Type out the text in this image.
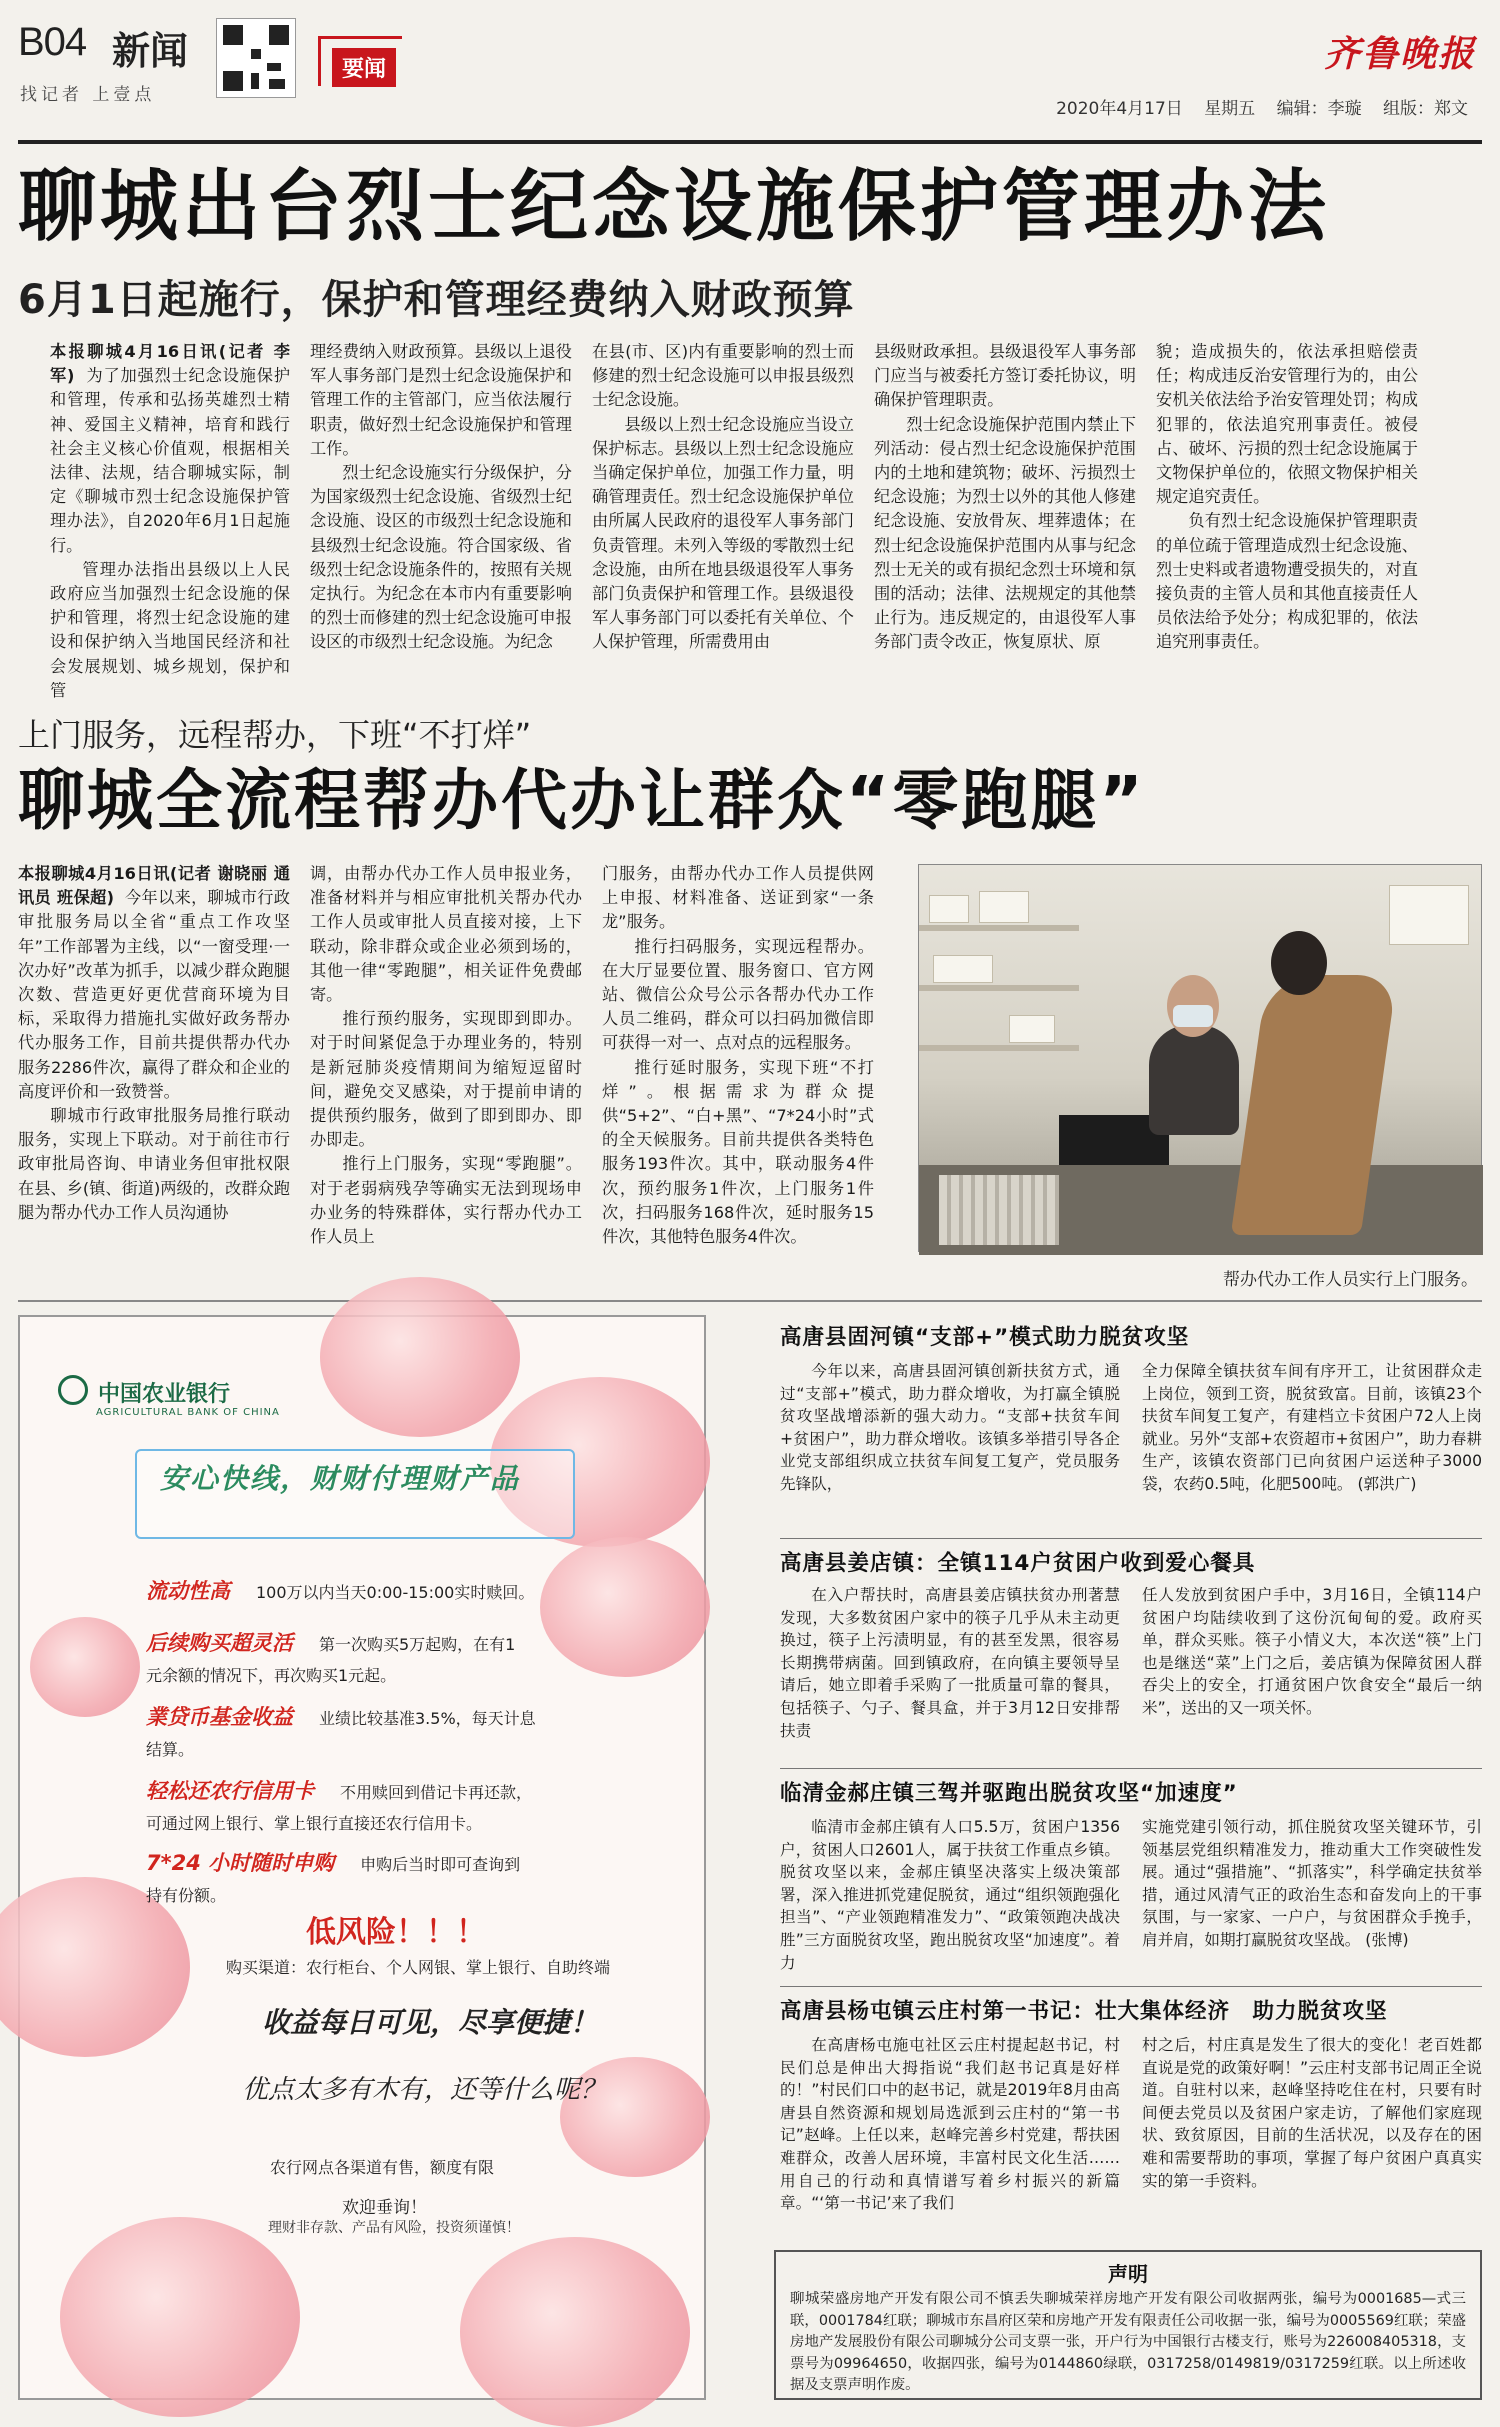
B04 新闻
找记者 上壹点
要闻	齐鲁晚报
2020年4月17日 星期五 编辑：李璇 组版：郑文
聊城出台烈士纪念设施保护管理办法
6月1日起施行，保护和管理经费纳入财政预算

本报聊城4月16日讯(记者 李军) 为了加强烈士纪念设施保护和管理，传承和弘扬英雄烈士精神、爱国主义精神，培育和践行社会主义核心价值观，根据相关法律、法规，结合聊城实际，制定《聊城市烈士纪念设施保护管理办法》，自2020年6月1日起施行。

管理办法指出县级以上人民政府应当加强烈士纪念设施的保护和管理，将烈士纪念设施的建设和保护纳入当地国民经济和社会发展规划、城乡规划，保护和管

理经费纳入财政预算。县级以上退役军人事务部门是烈士纪念设施保护和管理工作的主管部门，应当依法履行职责，做好烈士纪念设施保护和管理工作。

烈士纪念设施实行分级保护，分为国家级烈士纪念设施、省级烈士纪念设施、设区的市级烈士纪念设施和县级烈士纪念设施。符合国家级、省级烈士纪念设施条件的，按照有关规定执行。为纪念在本市内有重要影响的烈士而修建的烈士纪念设施可申报设区的市级烈士纪念设施。为纪念

在县(市、区)内有重要影响的烈士而修建的烈士纪念设施可以申报县级烈士纪念设施。

县级以上烈士纪念设施应当设立保护标志。县级以上烈士纪念设施应当确定保护单位，加强工作力量，明确管理责任。烈士纪念设施保护单位由所属人民政府的退役军人事务部门负责管理。未列入等级的零散烈士纪念设施，由所在地县级退役军人事务部门负责保护和管理工作。县级退役军人事务部门可以委托有关单位、个人保护管理，所需费用由

县级财政承担。县级退役军人事务部门应当与被委托方签订委托协议，明确保护管理职责。

烈士纪念设施保护范围内禁止下列活动：侵占烈士纪念设施保护范围内的土地和建筑物；破坏、污损烈士纪念设施；为烈士以外的其他人修建纪念设施、安放骨灰、埋葬遗体；在烈士纪念设施保护范围内从事与纪念烈士无关的或有损纪念烈士环境和氛围的活动；法律、法规规定的其他禁止行为。违反规定的，由退役军人事务部门责令改正，恢复原状、原

貌；造成损失的，依法承担赔偿责任；构成违反治安管理行为的，由公安机关依法给予治安管理处罚；构成犯罪的，依法追究刑事责任。被侵占、破坏、污损的烈士纪念设施属于文物保护单位的，依照文物保护相关规定追究责任。

负有烈士纪念设施保护管理职责的单位疏于管理造成烈士纪念设施、烈士史料或者遗物遭受损失的，对直接负责的主管人员和其他直接责任人员依法给予处分；构成犯罪的，依法追究刑事责任。

上门服务，远程帮办，下班“不打烊”
聊城全流程帮办代办让群众“零跑腿”

本报聊城4月16日讯(记者 谢晓丽 通讯员 班保超) 今年以来，聊城市行政审批服务局以全省“重点工作攻坚年”工作部署为主线，以“一窗受理·一次办好”改革为抓手，以减少群众跑腿次数、营造更好更优营商环境为目标，采取得力措施扎实做好政务帮办代办服务工作，目前共提供帮办代办服务2286件次，赢得了群众和企业的高度评价和一致赞誉。

聊城市行政审批服务局推行联动服务，实现上下联动。对于前往市行政审批局咨询、申请业务但审批权限在县、乡(镇、街道)两级的，改群众跑腿为帮办代办工作人员沟通协

调，由帮办代办工作人员申报业务，准备材料并与相应审批机关帮办代办工作人员或审批人员直接对接，上下联动，除非群众或企业必须到场的，其他一律“零跑腿”，相关证件免费邮寄。

推行预约服务，实现即到即办。对于时间紧促急于办理业务的，特别是新冠肺炎疫情期间为缩短逗留时间，避免交叉感染，对于提前申请的提供预约服务，做到了即到即办、即办即走。

推行上门服务，实现“零跑腿”。对于老弱病残孕等确实无法到现场申办业务的特殊群体，实行帮办代办工作人员上

门服务，由帮办代办工作人员提供网上申报、材料准备、送证到家“一条龙”服务。

推行扫码服务，实现远程帮办。在大厅显要位置、服务窗口、官方网站、微信公众号公示各帮办代办工作人员二维码，群众可以扫码加微信即可获得一对一、点对点的远程服务。

推行延时服务，实现下班“不打烊”。根据需求为群众提供“5+2”、“白+黑”、“7*24小时”式的全天候服务。目前共提供各类特色服务193件次。其中，联动服务4件次，预约服务1件次，上门服务1件次，扫码服务168件次，延时服务15件次，其他特色服务4件次。

帮办代办工作人员实行上门服务。
中国农业银行
AGRICULTURAL BANK OF CHINA
安心快线，财财付理财产品
流动性高 100万以内当天0:00-15:00实时赎回。
后续购买超灵活 第一次购买5万起购，在有1
元余额的情况下，再次购买1元起。
業贷币基金收益 业绩比较基准3.5%，每天计息
结算。
轻松还农行信用卡 不用赎回到借记卡再还款，
可通过网上银行、掌上银行直接还农行信用卡。
7*24 小时随时申购 申购后当时即可查询到
持有份额。
低风险！！！
购买渠道：农行柜台、个人网银、掌上银行、自助终端
收益每日可见，尽享便捷！
优点太多有木有，还等什么呢？
农行网点各渠道有售，额度有限
欢迎垂询！
理财非存款、产品有风险，投资须谨慎！
高唐县固河镇“支部+”模式助力脱贫攻坚

今年以来，高唐县固河镇创新扶贫方式，通过“支部+”模式，助力群众增收，为打赢全镇脱贫攻坚战增添新的强大动力。“支部+扶贫车间+贫困户”，助力群众增收。该镇多举措引导各企业党支部组织成立扶贫车间复工复产，党员服务先锋队，

全力保障全镇扶贫车间有序开工，让贫困群众走上岗位，领到工资，脱贫致富。目前，该镇23个扶贫车间复工复产，有建档立卡贫困户72人上岗就业。另外“支部+农资超市+贫困户”，助力春耕生产，该镇农资部门已向贫困户运送种子3000袋，农药0.5吨，化肥500吨。 (郭洪广)

高唐县姜店镇：全镇114户贫困户收到爱心餐具

在入户帮扶时，高唐县姜店镇扶贫办刑著慧发现，大多数贫困户家中的筷子几乎从未主动更换过，筷子上污渍明显，有的甚至发黑，很容易长期携带病菌。回到镇政府，在向镇主要领导呈请后，她立即着手采购了一批质量可靠的餐具，包括筷子、勺子、餐具盒，并于3月12日安排帮扶责

任人发放到贫困户手中，3月16日，全镇114户贫困户均陆续收到了这份沉甸甸的爱。政府买单，群众买账。筷子小情义大，本次送“筷”上门也是继送“菜”上门之后，姜店镇为保障贫困人群吞尖上的安全，打通贫困户饮食安全“最后一纳米”，送出的又一项关怀。

临清金郝庄镇三驾并驱跑出脱贫攻坚“加速度”

临清市金郝庄镇有人口5.5万，贫困户1356户，贫困人口2601人，属于扶贫工作重点乡镇。脱贫攻坚以来，金郝庄镇坚决落实上级决策部署，深入推进抓党建促脱贫，通过“组织领跑强化担当”、“产业领跑精准发力”、“政策领跑决战决胜”三方面脱贫攻坚，跑出脱贫攻坚“加速度”。着力

实施党建引领行动，抓住脱贫攻坚关键环节，引领基层党组织精准发力，推动重大工作突破性发展。通过“强措施”、“抓落实”，科学确定扶贫举措，通过风清气正的政治生态和奋发向上的干事氛围，与一家家、一户户，与贫困群众手挽手，肩并肩，如期打赢脱贫攻坚战。 (张博)

高唐县杨屯镇云庄村第一书记：壮大集体经济　助力脱贫攻坚

在高唐杨屯施屯社区云庄村提起赵书记，村民们总是伸出大拇指说“我们赵书记真是好样的！”村民们口中的赵书记，就是2019年8月由高唐县自然资源和规划局选派到云庄村的“第一书记”赵峰。上任以来，赵峰完善乡村党建，帮扶困难群众，改善人居环境，丰富村民文化生活……用自己的行动和真情谱写着乡村振兴的新篇章。“‘第一书记’来了我们

村之后，村庄真是发生了很大的变化！老百姓都直说是党的政策好啊！”云庄村支部书记周正全说道。自驻村以来，赵峰坚持吃住在村，只要有时间便去党员以及贫困户家走访，了解他们家庭现状、致贫原因，目前的生活状况，以及存在的困难和需要帮助的事项，掌握了每户贫困户真真实实的第一手资料。

声明

聊城荣盛房地产开发有限公司不慎丢失聊城荣祥房地产开发有限公司收据两张，编号为0001685—式三联，0001784红联；聊城市东昌府区荣和房地产开发有限责任公司收据一张，编号为0005569红联；荣盛房地产发展股份有限公司聊城分公司支票一张，开户行为中国银行古楼支行，账号为226008405318，支票号为09964650，收据四张，编号为0144860绿联，0317258/0149819/0317259红联。以上所述收据及支票声明作废。
